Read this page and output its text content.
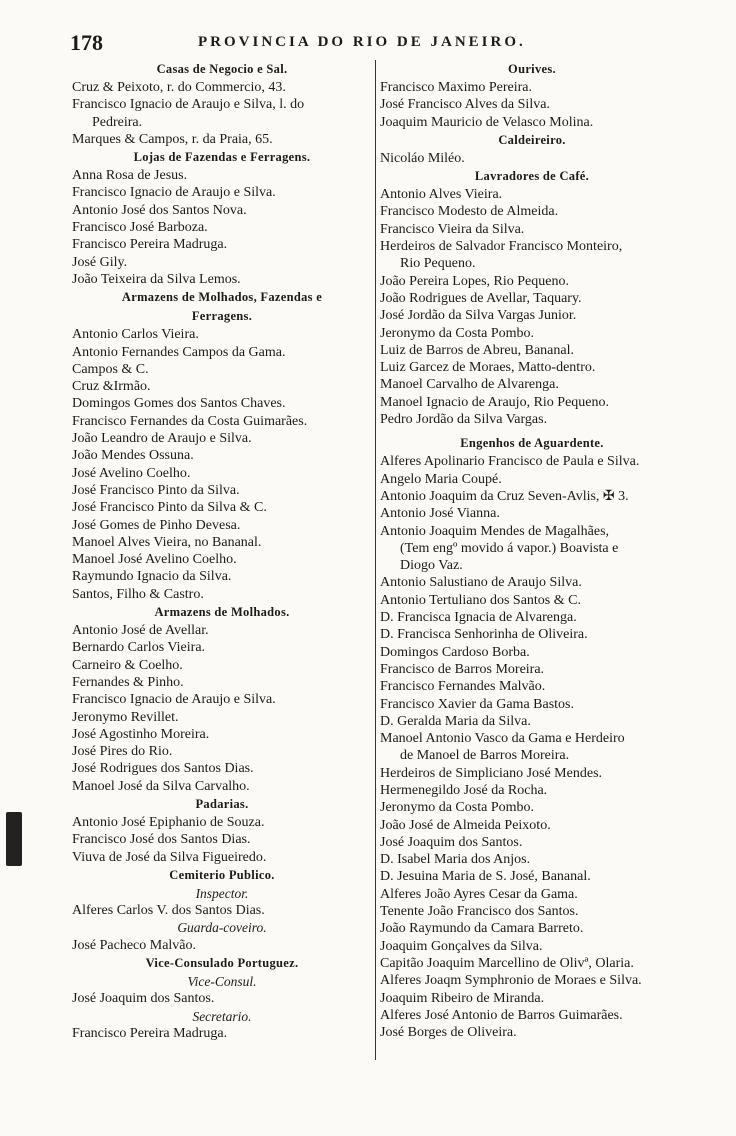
178	PROVINCIA DO RIO DE JANEIRO.
Casas de Negocio e Sal.
Cruz & Peixoto, r. do Commercio, 43.
Francisco Ignacio de Araujo e Silva, l. do
Pedreira.
Marques & Campos, r. da Praia, 65.
Lojas de Fazendas e Ferragens.
Anna Rosa de Jesus.
Francisco Ignacio de Araujo e Silva.
Antonio José dos Santos Nova.
Francisco José Barboza.
Francisco Pereira Madruga.
José Gily.
João Teixeira da Silva Lemos.
Armazens de Molhados, Fazendas e
Ferragens.
Antonio Carlos Vieira.
Antonio Fernandes Campos da Gama.
Campos & C.
Cruz &Irmão.
Domingos Gomes dos Santos Chaves.
Francisco Fernandes da Costa Guimarães.
João Leandro de Araujo e Silva.
João Mendes Ossuna.
José Avelino Coelho.
José Francisco Pinto da Silva.
José Francisco Pinto da Silva & C.
José Gomes de Pinho Devesa.
Manoel Alves Vieira, no Bananal.
Manoel José Avelino Coelho.
Raymundo Ignacio da Silva.
Santos, Filho & Castro.
Armazens de Molhados.
Antonio José de Avellar.
Bernardo Carlos Vieira.
Carneiro & Coelho.
Fernandes & Pinho.
Francisco Ignacio de Araujo e Silva.
Jeronymo Revillet.
José Agostinho Moreira.
José Pires do Rio.
José Rodrigues dos Santos Dias.
Manoel José da Silva Carvalho.
Padarias.
Antonio José Epiphanio de Souza.
Francisco José dos Santos Dias.
Viuva de José da Silva Figueiredo.
Cemiterio Publico.
Inspector.
Alferes Carlos V. dos Santos Dias.
Guarda-coveiro.
José Pacheco Malvão.
Vice-Consulado Portuguez.
Vice-Consul.
José Joaquim dos Santos.
Secretario.
Francisco Pereira Madruga.
Ourives.
Francisco Maximo Pereira.
José Francisco Alves da Silva.
Joaquim Mauricio de Velasco Molina.
Caldeireiro.
Nicoláo Miléo.
Lavradores de Café.
Antonio Alves Vieira.
Francisco Modesto de Almeida.
Francisco Vieira da Silva.
Herdeiros de Salvador Francisco Monteiro,
Rio Pequeno.
João Pereira Lopes, Rio Pequeno.
João Rodrigues de Avellar, Taquary.
José Jordão da Silva Vargas Junior.
Jeronymo da Costa Pombo.
Luiz de Barros de Abreu, Bananal.
Luiz Garcez de Moraes, Matto-dentro.
Manoel Carvalho de Alvarenga.
Manoel Ignacio de Araujo, Rio Pequeno.
Pedro Jordão da Silva Vargas.
Engenhos de Aguardente.
Alferes Apolinario Francisco de Paula e Silva.
Angelo Maria Coupé.
Antonio Joaquim da Cruz Seven-Avlis, ✠ 3.
Antonio José Vianna.
Antonio Joaquim Mendes de Magalhães,
(Tem engº movido á vapor.) Boavista e
Diogo Vaz.
Antonio Salustiano de Araujo Silva.
Antonio Tertuliano dos Santos & C.
D. Francisca Ignacia de Alvarenga.
D. Francisca Senhorinha de Oliveira.
Domingos Cardoso Borba.
Francisco de Barros Moreira.
Francisco Fernandes Malvão.
Francisco Xavier da Gama Bastos.
D. Geralda Maria da Silva.
Manoel Antonio Vasco da Gama e Herdeiro
de Manoel de Barros Moreira.
Herdeiros de Simpliciano José Mendes.
Hermenegildo José da Rocha.
Jeronymo da Costa Pombo.
João José de Almeida Peixoto.
José Joaquim dos Santos.
D. Isabel Maria dos Anjos.
D. Jesuina Maria de S. José, Bananal.
Alferes João Ayres Cesar da Gama.
Tenente João Francisco dos Santos.
João Raymundo da Camara Barreto.
Joaquim Gonçalves da Silva.
Capitão Joaquim Marcellino de Olivª, Olaria.
Alferes Joaqm Symphronio de Moraes e Silva.
Joaquim Ribeiro de Miranda.
Alferes José Antonio de Barros Guimarães.
José Borges de Oliveira.
